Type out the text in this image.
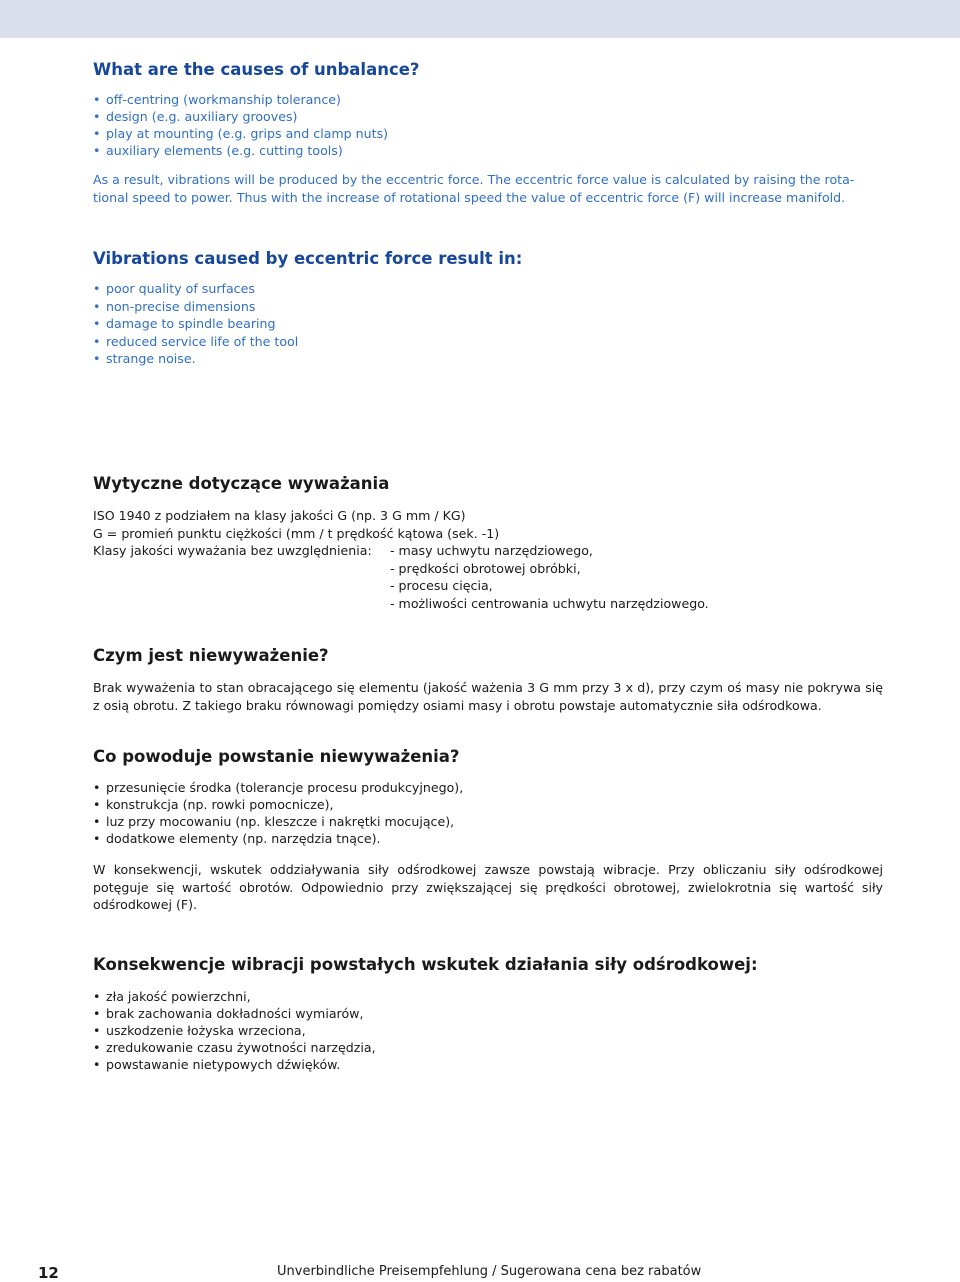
What are the causes of unbalance?
• off-centring (workmanship tolerance)
• design (e.g. auxiliary grooves)
• play at mounting (e.g. grips and clamp nuts)
• auxiliary elements (e.g. cutting tools)

As a result, vibrations will be produced by the eccentric force. The eccentric force value is calculated by raising the rota-

tional speed to power. Thus with the increase of rotational speed the value of eccentric force (F) will increase manifold.

Vibrations caused by eccentric force result in:
• poor quality of surfaces
• non-precise dimensions
• damage to spindle bearing
• reduced service life of the tool
• strange noise.
Wytyczne dotyczące wyważania

ISO 1940 z podziałem na klasy jakości G (np. 3 G mm / KG)

G = promień punktu ciężkości (mm / t prędkość kątowa (sek. -1)

Klasy jakości wyważania bez uwzględnienia:	- masy uchwytu narzędziowego,
- prędkości obrotowej obróbki,
- procesu cięcia,
- możliwości centrowania uchwytu narzędziowego.
Czym jest niewyważenie?

Brak wyważenia to stan obracającego się elementu (jakość ważenia 3 G mm przy 3 x d), przy czym oś masy nie pokrywa się z osią obrotu. Z takiego braku równowagi pomiędzy osiami masy i obrotu powstaje automatycznie siła odśrodkowa.

Co powoduje powstanie niewyważenia?
• przesunięcie środka (tolerancje procesu produkcyjnego),
• konstrukcja (np. rowki pomocnicze),
• luz przy mocowaniu (np. kleszcze i nakrętki mocujące),
• dodatkowe elementy (np. narzędzia tnące).

W konsekwencji, wskutek oddziaływania siły odśrodkowej zawsze powstają wibracje. Przy obliczaniu siły odśrodkowej potęguje się wartość obrotów. Odpowiednio przy zwiększającej się prędkości obrotowej, zwielokrotnia się wartość siły odśrodkowej (F).

Konsekwencje wibracji powstałych wskutek działania siły odśrodkowej:
• zła jakość powierzchni,
• brak zachowania dokładności wymiarów,
• uszkodzenie łożyska wrzeciona,
• zredukowanie czasu żywotności narzędzia,
• powstawanie nietypowych dźwięków.
12	Unverbindliche Preisempfehlung / Sugerowana cena bez rabatów
